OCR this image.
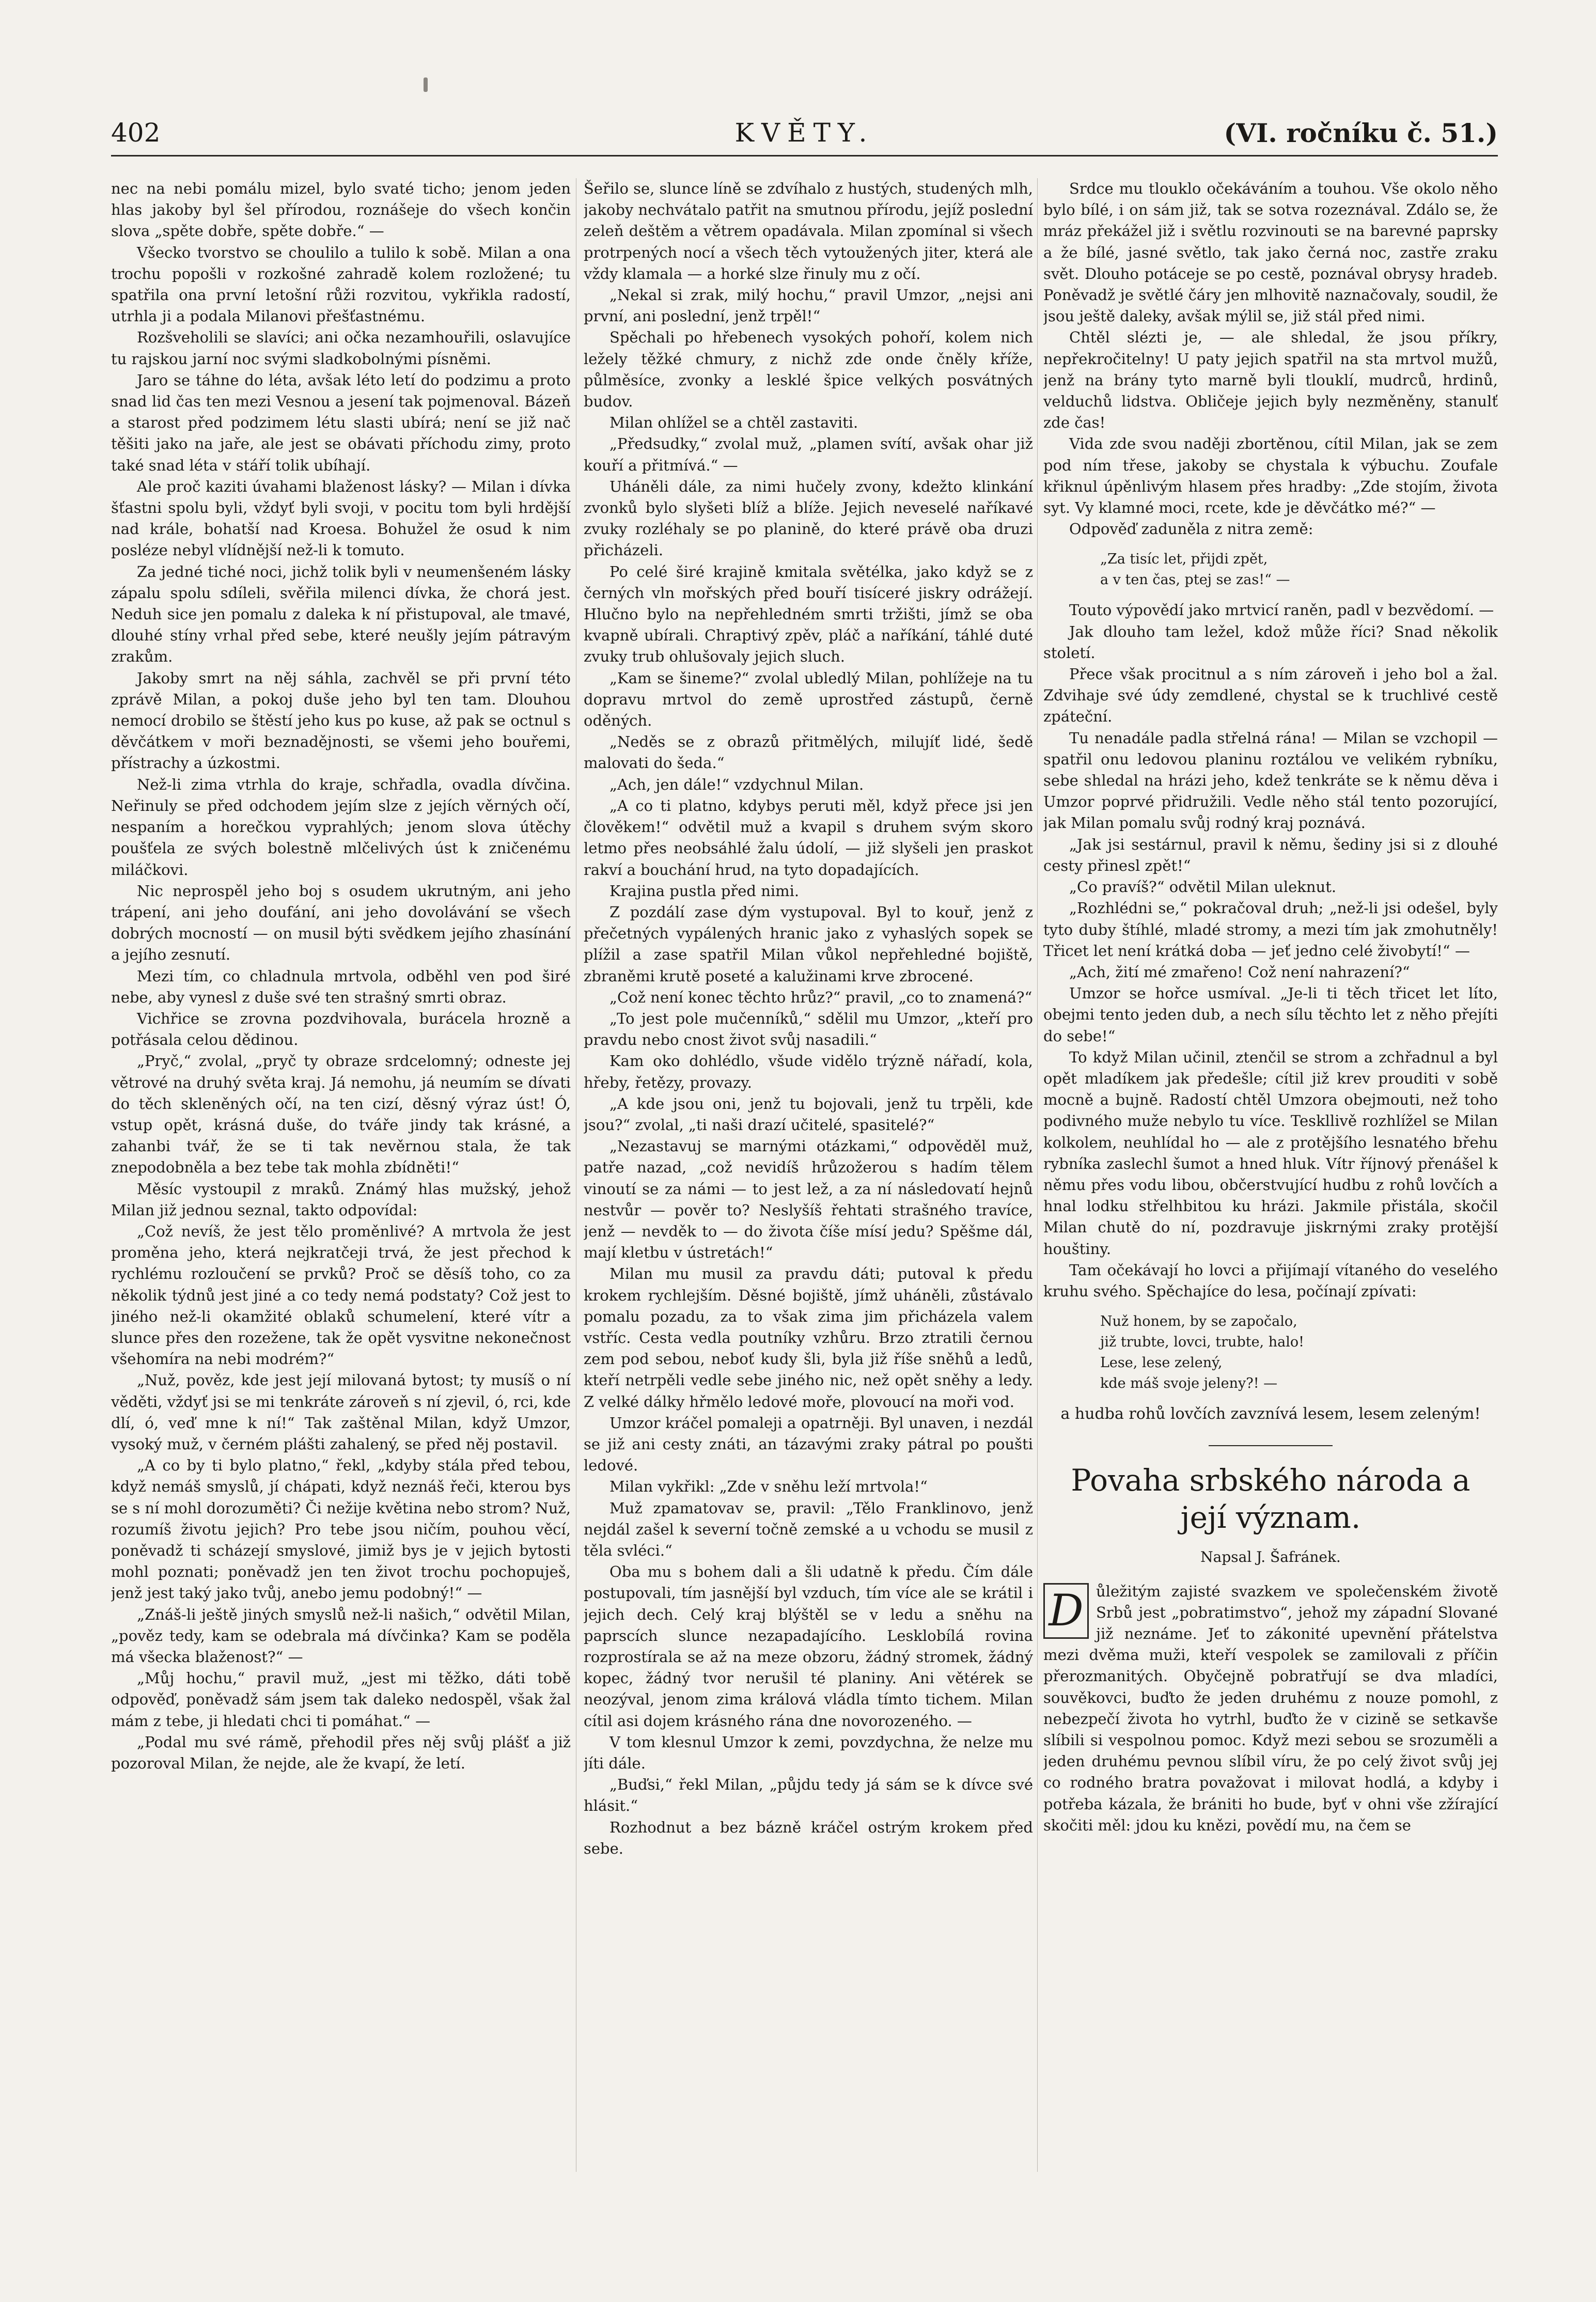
402	KVĚTY.	(VI. ročníku č. 51.)

nec na nebi pomálu mizel, bylo svaté ticho; jenom jeden hlas jakoby byl šel přírodou, roznášeje do všech končin slova „spěte dobře, spěte dobře.“ —

Všecko tvorstvo se choulilo a tulilo k sobě. Milan a ona trochu popošli v rozkošné zahradě kolem rozložené; tu spatřila ona první letošní růži rozvitou, vykřikla radostí, utrhla ji a podala Milanovi přešťastnému.

Rozšveholili se slavíci; ani očka nezamhouřili, oslavujíce tu rajskou jarní noc svými sladkobolnými písněmi.

Jaro se táhne do léta, avšak léto letí do podzimu a proto snad lid čas ten mezi Vesnou a jesení tak pojmenoval. Bázeň a starost před podzimem létu slasti ubírá; není se již nač těšiti jako na jaře, ale jest se obávati příchodu zimy, proto také snad léta v stáří tolik ubíhají.

Ale proč kaziti úvahami blaženost lásky? — Milan i dívka šťastni spolu byli, vždyť byli svoji, v pocitu tom byli hrdější nad krále, bohatší nad Kroesa. Bohužel že osud k nim posléze nebyl vlídnější než-li k tomuto.

Za jedné tiché noci, jichž tolik byli v neumenšeném lásky zápalu spolu sdíleli, svěřila milenci dívka, že chorá jest. Neduh sice jen pomalu z daleka k ní přistupoval, ale tmavé, dlouhé stíny vrhal před sebe, které neušly jejím pátravým zrakům.

Jakoby smrt na něj sáhla, zachvěl se při první této zprávě Milan, a pokoj duše jeho byl ten tam. Dlouhou nemocí drobilo se štěstí jeho kus po kuse, až pak se octnul s děvčátkem v moři beznadějnosti, se všemi jeho bouřemi, přístrachy a úzkostmi.

Než-li zima vtrhla do kraje, schřadla, ovadla dívčina. Neřinuly se před odchodem jejím slze z jejích věrných očí, nespaním a horečkou vyprahlých; jenom slova útěchy poušťela ze svých bolestně mlčelivých úst k zničenému miláčkovi.

Nic neprospěl jeho boj s osudem ukrutným, ani jeho trápení, ani jeho doufání, ani jeho dovolávání se všech dobrých mocností — on musil býti svědkem jejího zhasínání a jejího zesnutí.

Mezi tím, co chladnula mrtvola, odběhl ven pod širé nebe, aby vynesl z duše své ten strašný smrti obraz.

Vichřice se zrovna pozdvihovala, burácela hrozně a potřásala celou dědinou.

„Pryč,“ zvolal, „pryč ty obraze srdcelomný; odneste jej větrové na druhý světa kraj. Já nemohu, já neumím se dívati do těch skleněných očí, na ten cizí, děsný výraz úst! Ó, vstup opět, krásná duše, do tváře jindy tak krásné, a zahanbi tvář, že se ti tak nevěrnou stala, že tak znepodobněla a bez tebe tak mohla zbídněti!“

Měsíc vystoupil z mraků. Známý hlas mužský, jehož Milan již jednou seznal, takto odpovídal:

„Což nevíš, že jest tělo proměnlivé? A mrtvola že jest proměna jeho, která nejkratčeji trvá, že jest přechod k rychlému rozloučení se prvků? Proč se děsíš toho, co za několik týdnů jest jiné a co tedy nemá podstaty? Což jest to jiného než-li okamžité oblaků schumelení, které vítr a slunce přes den rozežene, tak že opět vysvitne nekonečnost všehomíra na nebi modrém?“

„Nuž, pověz, kde jest její milovaná bytost; ty musíš o ní věděti, vždyť jsi se mi tenkráte zároveň s ní zjevil, ó, rci, kde dlí, ó, veď mne k ní!“ Tak zaštěnal Milan, když Umzor, vysoký muž, v černém plášti zahalený, se před něj postavil.

„A co by ti bylo platno,“ řekl, „kdyby stála před tebou, když nemáš smyslů, jí chápati, když neznáš řeči, kterou bys se s ní mohl dorozuměti? Či nežije květina nebo strom? Nuž, rozumíš životu jejich? Pro tebe jsou ničím, pouhou věcí, poněvadž ti scházejí smyslové, jimiž bys je v jejich bytosti mohl poznati; poněvadž jen ten život trochu pochopuješ, jenž jest taký jako tvůj, anebo jemu podobný!“ —

„Znáš-li ještě jiných smyslů než-li našich,“ odvětil Milan, „pověz tedy, kam se odebrala má dívčinka? Kam se poděla má všecka blaženost?“ —

„Můj hochu,“ pravil muž, „jest mi těžko, dáti tobě odpověď, poněvadž sám jsem tak daleko nedospěl, však žal mám z tebe, ji hledati chci ti pomáhat.“ —

„Podal mu své rámě, přehodil přes něj svůj plášť a již pozoroval Milan, že nejde, ale že kvapí, že letí.

Šeřilo se, slunce líně se zdvíhalo z hustých, studených mlh, jakoby nechvátalo patřit na smutnou přírodu, jejíž poslední zeleň deštěm a větrem opadávala. Milan zpomínal si všech protrpených nocí a všech těch vytoužených jiter, která ale vždy klamala — a horké slze řinuly mu z očí.

„Nekal si zrak, milý hochu,“ pravil Umzor, „nejsi ani první, ani poslední, jenž trpěl!“

Spěchali po hřebenech vysokých pohoří, kolem nich ležely těžké chmury, z nichž zde onde čněly kříže, půlměsíce, zvonky a lesklé špice velkých posvátných budov.

Milan ohlížel se a chtěl zastaviti.

„Předsudky,“ zvolal muž, „plamen svítí, avšak ohar již kouří a přitmívá.“ —

Uháněli dále, za nimi hučely zvony, kdežto klinkání zvonků bylo slyšeti blíž a blíže. Jejich neveselé naříkavé zvuky rozléhaly se po planině, do které právě oba druzi přicházeli.

Po celé širé krajině kmitala světélka, jako když se z černých vln mořských před bouří tisíceré jiskry odrážejí. Hlučno bylo na nepřehledném smrti tržišti, jímž se oba kvapně ubírali. Chraptivý zpěv, pláč a naříkání, táhlé duté zvuky trub ohlušovaly jejich sluch.

„Kam se šineme?“ zvolal ubledlý Milan, pohlížeje na tu dopravu mrtvol do země uprostřed zástupů, černě oděných.

„Neděs se z obrazů přitmělých, milujíť lidé, šedě malovati do šeda.“

„Ach, jen dále!“ vzdychnul Milan.

„A co ti platno, kdybys peruti měl, když přece jsi jen člověkem!“ odvětil muž a kvapil s druhem svým skoro letmo přes neobsáhlé žalu údolí, — již slyšeli jen praskot rakví a bouchání hrud, na tyto dopadajících.

Krajina pustla před nimi.

Z pozdálí zase dým vystupoval. Byl to kouř, jenž z přečetných vypálených hranic jako z vyhaslých sopek se plížil a zase spatřil Milan vůkol nepřehledné bojiště, zbraněmi krutě poseté a kalužinami krve zbrocené.

„Což není konec těchto hrůz?“ pravil, „co to znamená?“

„To jest pole mučenníků,“ sdělil mu Umzor, „kteří pro pravdu nebo cnost život svůj nasadili.“

Kam oko dohlédlo, všude vidělo trýzně nářadí, kola, hřeby, řetězy, provazy.

„A kde jsou oni, jenž tu bojovali, jenž tu trpěli, kde jsou?“ zvolal, „ti naši drazí učitelé, spasitelé?“

„Nezastavuj se marnými otázkami,“ odpověděl muž, patře nazad, „což nevidíš hrůzožerou s hadím tělem vinoutí se za námi — to jest lež, a za ní následovatí hejnů nestvůr — pověr to? Neslyšíš řehtati strašného travíce, jenž — nevděk to — do života číše mísí jedu? Spěšme dál, mají kletbu v ústretách!“

Milan mu musil za pravdu dáti; putoval k předu krokem rychlejším. Děsné bojiště, jímž uháněli, zůstávalo pomalu pozadu, za to však zima jim přicházela valem vstříc. Cesta vedla poutníky vzhůru. Brzo ztratili černou zem pod sebou, neboť kudy šli, byla již říše sněhů a ledů, kteří netrpěli vedle sebe jiného nic, než opět sněhy a ledy. Z velké dálky hřmělo ledové moře, plovoucí na moři vod.

Umzor kráčel pomaleji a opatrněji. Byl unaven, i nezdál se již ani cesty znáti, an tázavými zraky pátral po poušti ledové.

Milan vykřikl: „Zde v sněhu leží mrtvola!“

Muž zpamatovav se, pravil: „Tělo Franklinovo, jenž nejdál zašel k severní točně zemské a u vchodu se musil z těla svléci.“

Oba mu s bohem dali a šli udatně k předu. Čím dále postupovali, tím jasnější byl vzduch, tím více ale se krátil i jejich dech. Celý kraj blýštěl se v ledu a sněhu na paprscích slunce nezapadajícího. Lesklobílá rovina rozprostírala se až na meze obzoru, žádný stromek, žádný kopec, žádný tvor nerušil té planiny. Ani větérek se neozýval, jenom zima králová vládla tímto tichem. Milan cítil asi dojem krásného rána dne novorozeného. —

V tom klesnul Umzor k zemi, povzdychna, že nelze mu jíti dále.

„Buďsi,“ řekl Milan, „půjdu tedy já sám se k dívce své hlásit.“

Rozhodnut a bez bázně kráčel ostrým krokem před sebe.

Srdce mu tlouklo očekáváním a touhou. Vše okolo něho bylo bílé, i on sám již, tak se sotva rozeznával. Zdálo se, že mráz překážel již i světlu rozvinouti se na barevné paprsky a že bílé, jasné světlo, tak jako černá noc, zastře zraku svět. Dlouho potáceje se po cestě, poznával obrysy hradeb. Poněvadž je světlé čáry jen mlhovitě naznačovaly, soudil, že jsou ještě daleky, avšak mýlil se, již stál před nimi.

Chtěl slézti je, — ale shledal, že jsou příkry, nepřekročitelny! U paty jejich spatřil na sta mrtvol mužů, jenž na brány tyto marně byli tlouklí, mudrců, hrdinů, velduchů lidstva. Obličeje jejich byly nezměněny, stanulť zde čas!

Vida zde svou naději zbortěnou, cítil Milan, jak se zem pod ním třese, jakoby se chystala k výbuchu. Zoufale křiknul úpěnlivým hlasem přes hradby: „Zde stojím, života syt. Vy klamné moci, rcete, kde je děvčátko mé?“ —

Odpověď zaduněla z nitra země:

„Za tisíc let, přijdi zpět,
a v ten čas, ptej se zas!“ —

Touto výpovědí jako mrtvicí raněn, padl v bezvědomí. —

Jak dlouho tam ležel, kdož může říci? Snad několik století.

Přece však procitnul a s ním zároveň i jeho bol a žal. Zdvihaje své údy zemdlené, chystal se k truchlivé cestě zpáteční.

Tu nenadále padla střelná rána! — Milan se vzchopil — spatřil onu ledovou planinu roztálou ve velikém rybníku, sebe shledal na hrázi jeho, kdež tenkráte se k němu děva i Umzor poprvé přidružili. Vedle něho stál tento pozorující, jak Milan pomalu svůj rodný kraj poznává.

„Jak jsi sestárnul, pravil k němu, šediny jsi si z dlouhé cesty přinesl zpět!“

„Co pravíš?“ odvětil Milan uleknut.

„Rozhlédni se,“ pokračoval druh; „než-li jsi odešel, byly tyto duby štíhlé, mladé stromy, a mezi tím jak zmohutněly! Třicet let není krátká doba — jeť jedno celé živobytí!“ —

„Ach, žití mé zmařeno! Což není nahrazení?“

Umzor se hořce usmíval. „Je-li ti těch třicet let líto, obejmi tento jeden dub, a nech sílu těchto let z něho přejíti do sebe!“

To když Milan učinil, ztenčil se strom a zchřadnul a byl opět mladíkem jak předešle; cítil již krev prouditi v sobě mocně a bujně. Radostí chtěl Umzora obejmouti, než toho podivného muže nebylo tu více. Teskllivě rozhlížel se Milan kolkolem, neuhlídal ho — ale z protějšího lesnatého břehu rybníka zaslechl šumot a hned hluk. Vítr říjnový přenášel k němu přes vodu libou, občerstvující hudbu z rohů lovčích a hnal lodku střelhbitou ku hrázi. Jakmile přistála, skočil Milan chutě do ní, pozdravuje jiskrnými zraky protější houštiny.

Tam očekávají ho lovci a přijímají vítaného do veselého kruhu svého. Spěchajíce do lesa, počínají zpívati:

Nuž honem, by se započalo,
již trubte, lovci, trubte, halo!
Lese, lese zelený,
kde máš svoje jeleny?! —
a hudba rohů lovčích zavznívá lesem, lesem zeleným!
Povaha srbského národa a její význam.
Napsal J. Šafránek.

D ůležitým zajisté svazkem ve společenském životě Srbů jest „pobratimstvo“, jehož my západní Slované již neznáme. Jeť to zákonité upevnění přátelstva mezi dvěma muži, kteří vespolek se zamilovali z příčin přerozmanitých. Obyčejně pobratřují se dva mladíci, souvěkovci, buďto že jeden druhému z nouze pomohl, z nebezpečí života ho vytrhl, buďto že v cizině se setkavše slíbili si vespolnou pomoc. Když mezi sebou se srozuměli a jeden druhému pevnou slíbil víru, že po celý život svůj jej co rodného bratra považovat i milovat hodlá, a kdyby i potřeba kázala, že brániti ho bude, byť v ohni vše zžírající skočiti měl: jdou ku knězi, povědí mu, na čem se
